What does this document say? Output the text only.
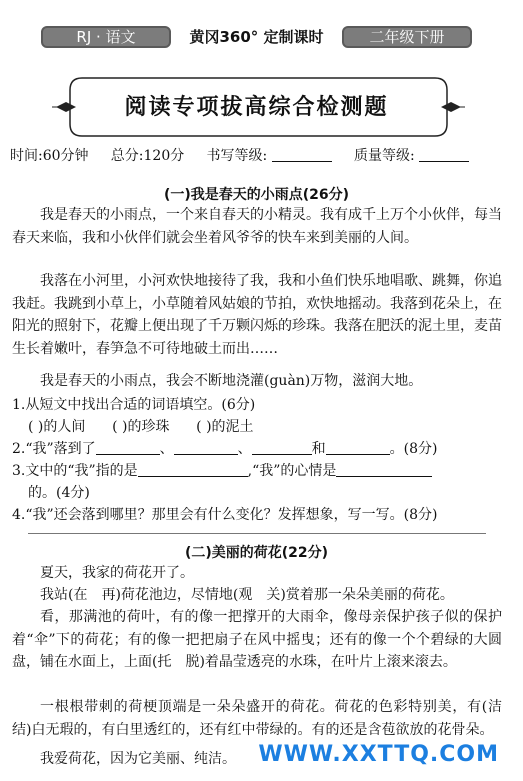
RJ · 语文	黄冈360° 定制课时	二年级下册
阅读专项拔高综合检测题
时间:60分钟 总分:120分 书写等级:	质量等级:
(一)我是春天的小雨点(26分)
我是春天的小雨点，一个来自春天的小精灵。我有成千上万个小伙伴，每当春天来临，我和小伙伴们就会坐着风爷爷的快车来到美丽的人间。
我落在小河里，小河欢快地接待了我，我和小鱼们快乐地唱歌、跳舞，你追我赶。我跳到小草上，小草随着风姑娘的节拍，欢快地摇动。我落到花朵上，在阳光的照射下，花瓣上便出现了千万颗闪烁的珍珠。我落在肥沃的泥土里，麦苗生长着嫩叶，春笋急不可待地破土而出……
我是春天的小雨点，我会不断地浇灌(guàn)万物，滋润大地。
1.从短文中找出合适的词语填空。(6分)
( )的人间 ( )的珍珠 ( )的泥土
2.“我”落到了	、	、	和	。(8分)
3.文中的“我”指的是	,“我”的心情是
的。(4分)
4.“我”还会落到哪里？那里会有什么变化？发挥想象，写一写。(8分)
(二)美丽的荷花(22分)
夏天，我家的荷花开了。
我站(在　再)荷花池边，尽情地(观　关)赏着那一朵朵美丽的荷花。
看，那满池的荷叶，有的像一把撑开的大雨伞，像母亲保护孩子似的保护着“伞”下的荷花；有的像一把把扇子在风中摇曳；还有的像一个个碧绿的大圆盘，铺在水面上，上面(托　脱)着晶莹透亮的水珠，在叶片上滚来滚去。
一根根带刺的荷梗顶端是一朵朵盛开的荷花。荷花的色彩特别美，有(洁　结)白无瑕的，有白里透红的，还有红中带绿的。有的还是含苞欲放的花骨朵。
我爱荷花，因为它美丽、纯洁。	WWW.XXTTQ.COM
